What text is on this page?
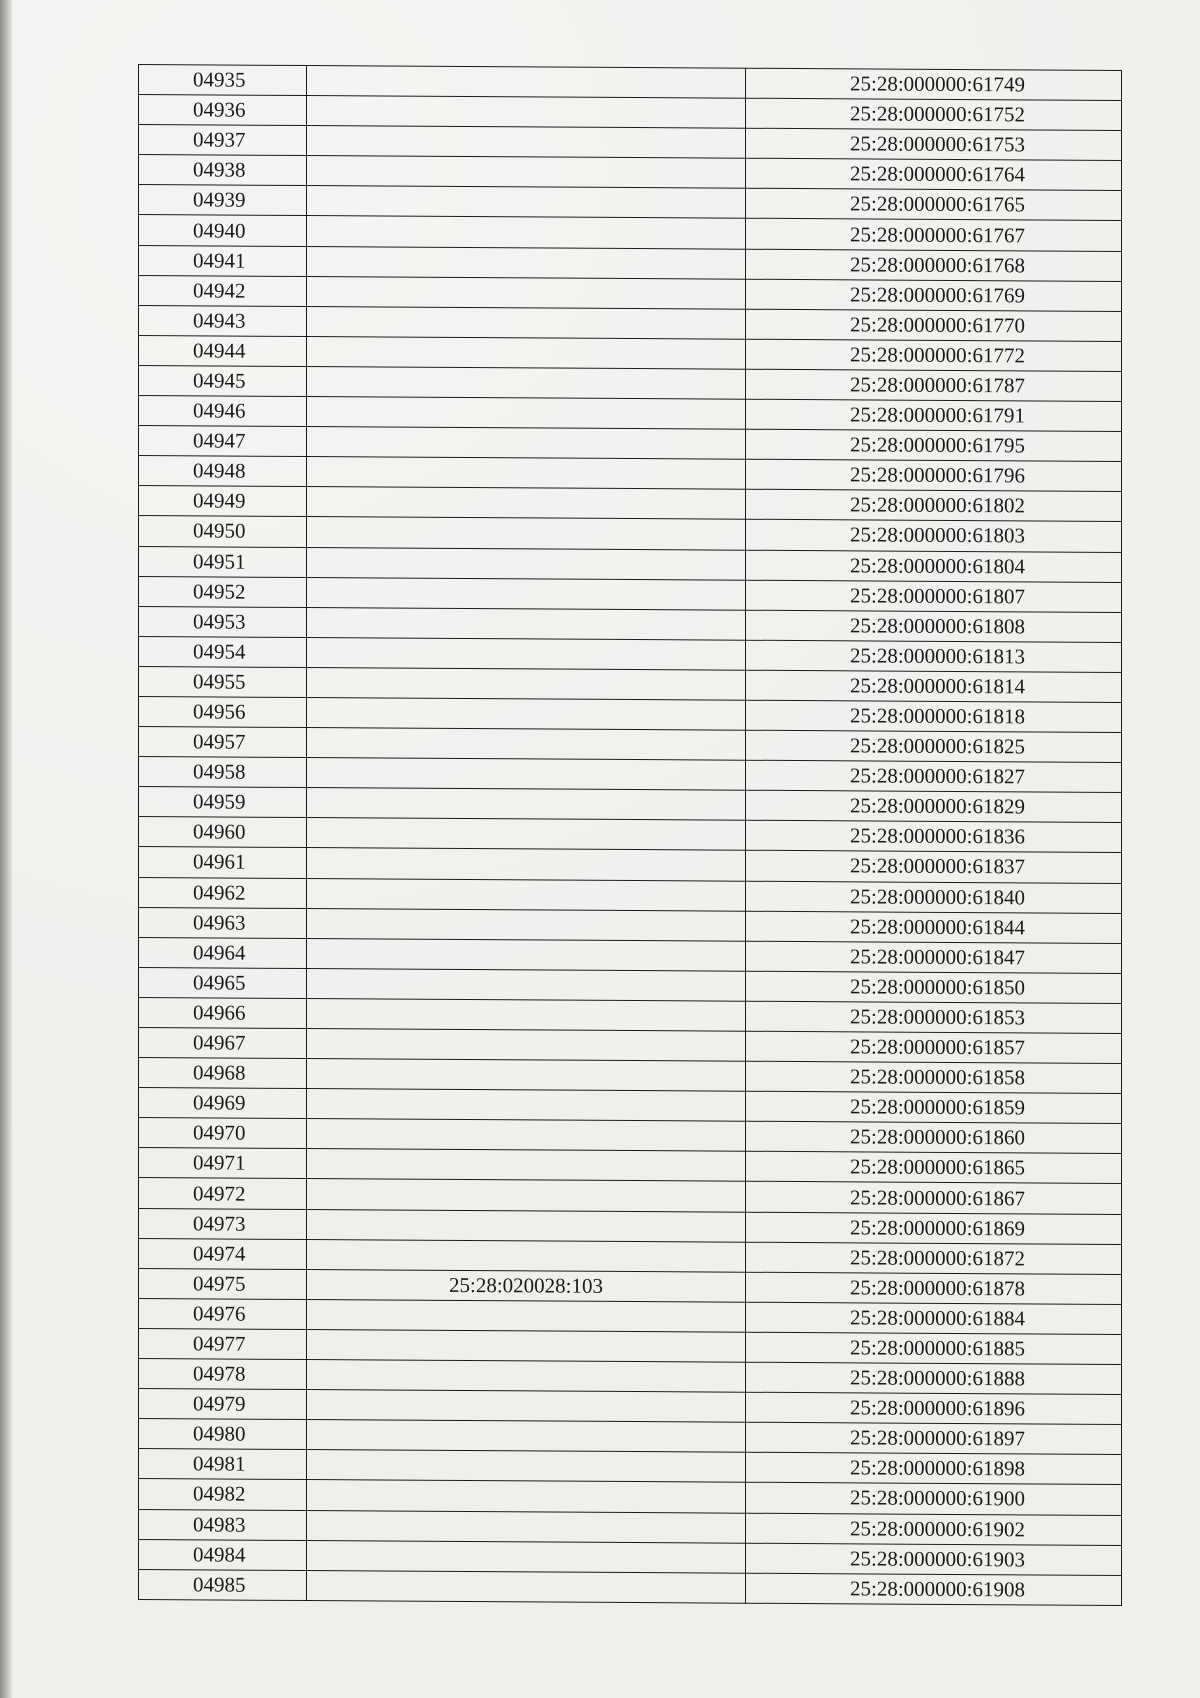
04935		25:28:000000:61749
04936		25:28:000000:61752
04937		25:28:000000:61753
04938		25:28:000000:61764
04939		25:28:000000:61765
04940		25:28:000000:61767
04941		25:28:000000:61768
04942		25:28:000000:61769
04943		25:28:000000:61770
04944		25:28:000000:61772
04945		25:28:000000:61787
04946		25:28:000000:61791
04947		25:28:000000:61795
04948		25:28:000000:61796
04949		25:28:000000:61802
04950		25:28:000000:61803
04951		25:28:000000:61804
04952		25:28:000000:61807
04953		25:28:000000:61808
04954		25:28:000000:61813
04955		25:28:000000:61814
04956		25:28:000000:61818
04957		25:28:000000:61825
04958		25:28:000000:61827
04959		25:28:000000:61829
04960		25:28:000000:61836
04961		25:28:000000:61837
04962		25:28:000000:61840
04963		25:28:000000:61844
04964		25:28:000000:61847
04965		25:28:000000:61850
04966		25:28:000000:61853
04967		25:28:000000:61857
04968		25:28:000000:61858
04969		25:28:000000:61859
04970		25:28:000000:61860
04971		25:28:000000:61865
04972		25:28:000000:61867
04973		25:28:000000:61869
04974		25:28:000000:61872
04975	25:28:020028:103	25:28:000000:61878
04976		25:28:000000:61884
04977		25:28:000000:61885
04978		25:28:000000:61888
04979		25:28:000000:61896
04980		25:28:000000:61897
04981		25:28:000000:61898
04982		25:28:000000:61900
04983		25:28:000000:61902
04984		25:28:000000:61903
04985		25:28:000000:61908
